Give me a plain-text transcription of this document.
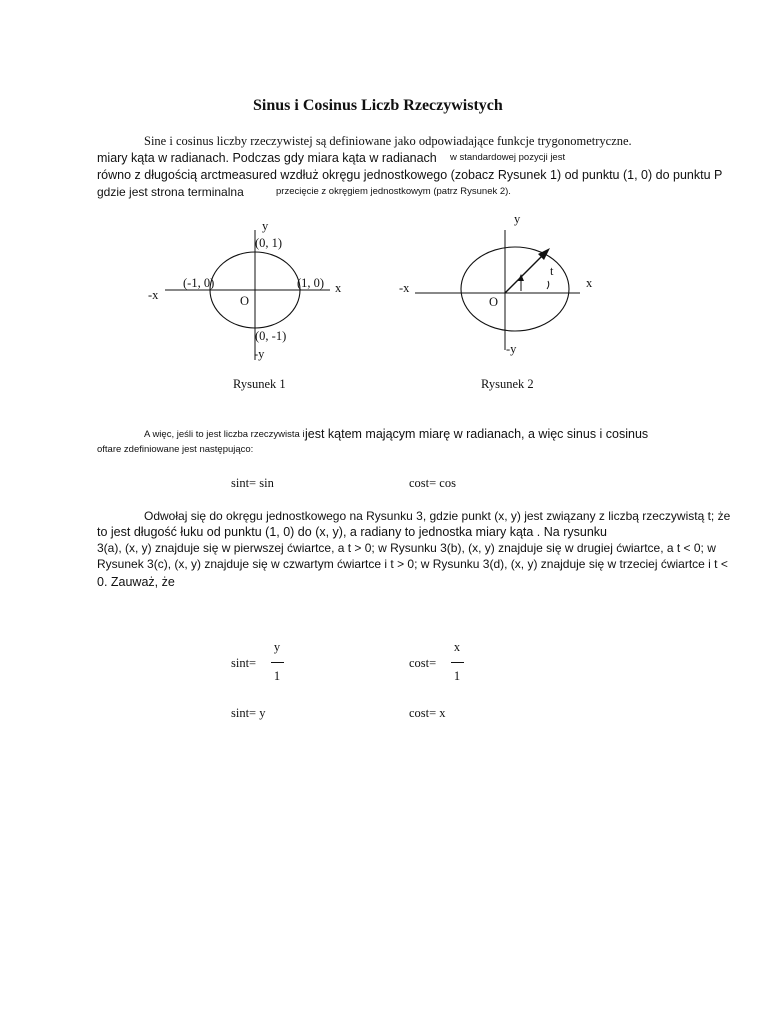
Sinus i Cosinus Liczb Rzeczywistych
Sine i cosinus liczby rzeczywistej są definiowane jako odpowiadające funkcje trygonometryczne.
miary kąta w radianach. Podczas gdy miara kąta w radianach w standardowej pozycji jest
równo z długością arctmeasured wzdłuż okręgu jednostkowego (zobacz Rysunek 1) od punktu (1, 0) do punktu P
gdzie jest strona terminalna	przecięcie z okręgiem jednostkowym (patrz Rysunek 2).
y
(0, 1)
(-1, 0)	(1, 0) x
-x	O
(0, -1)
-y
Rysunek 1
y
t
x
-x
O
-y
Rysunek 2
A więc, jeśli to jest liczba rzeczywista i jest kątem mającym miarę w radianach, a więc sinus i cosinus
oftare zdefiniowane jest następująco:
sint= sin	cost= cos
Odwołaj się do okręgu jednostkowego na Rysunku 3, gdzie punkt (x, y) jest związany z liczbą rzeczywistą t; że
to jest długość łuku od punktu (1, 0) do (x, y), a radiany to jednostka miary kąta . Na rysunku
3(a), (x, y) znajduje się w pierwszej ćwiartce, a t > 0; w Rysunku 3(b), (x, y) znajduje się w drugiej ćwiartce, a t < 0; w
Rysunek 3(c), (x, y) znajduje się w czwartym ćwiartce i t > 0; w Rysunku 3(d), (x, y) znajduje się w trzeciej ćwiartce i t <
0. Zauważ, że
sint=
y
1
cost=
x
1
sint= y	cost= x
